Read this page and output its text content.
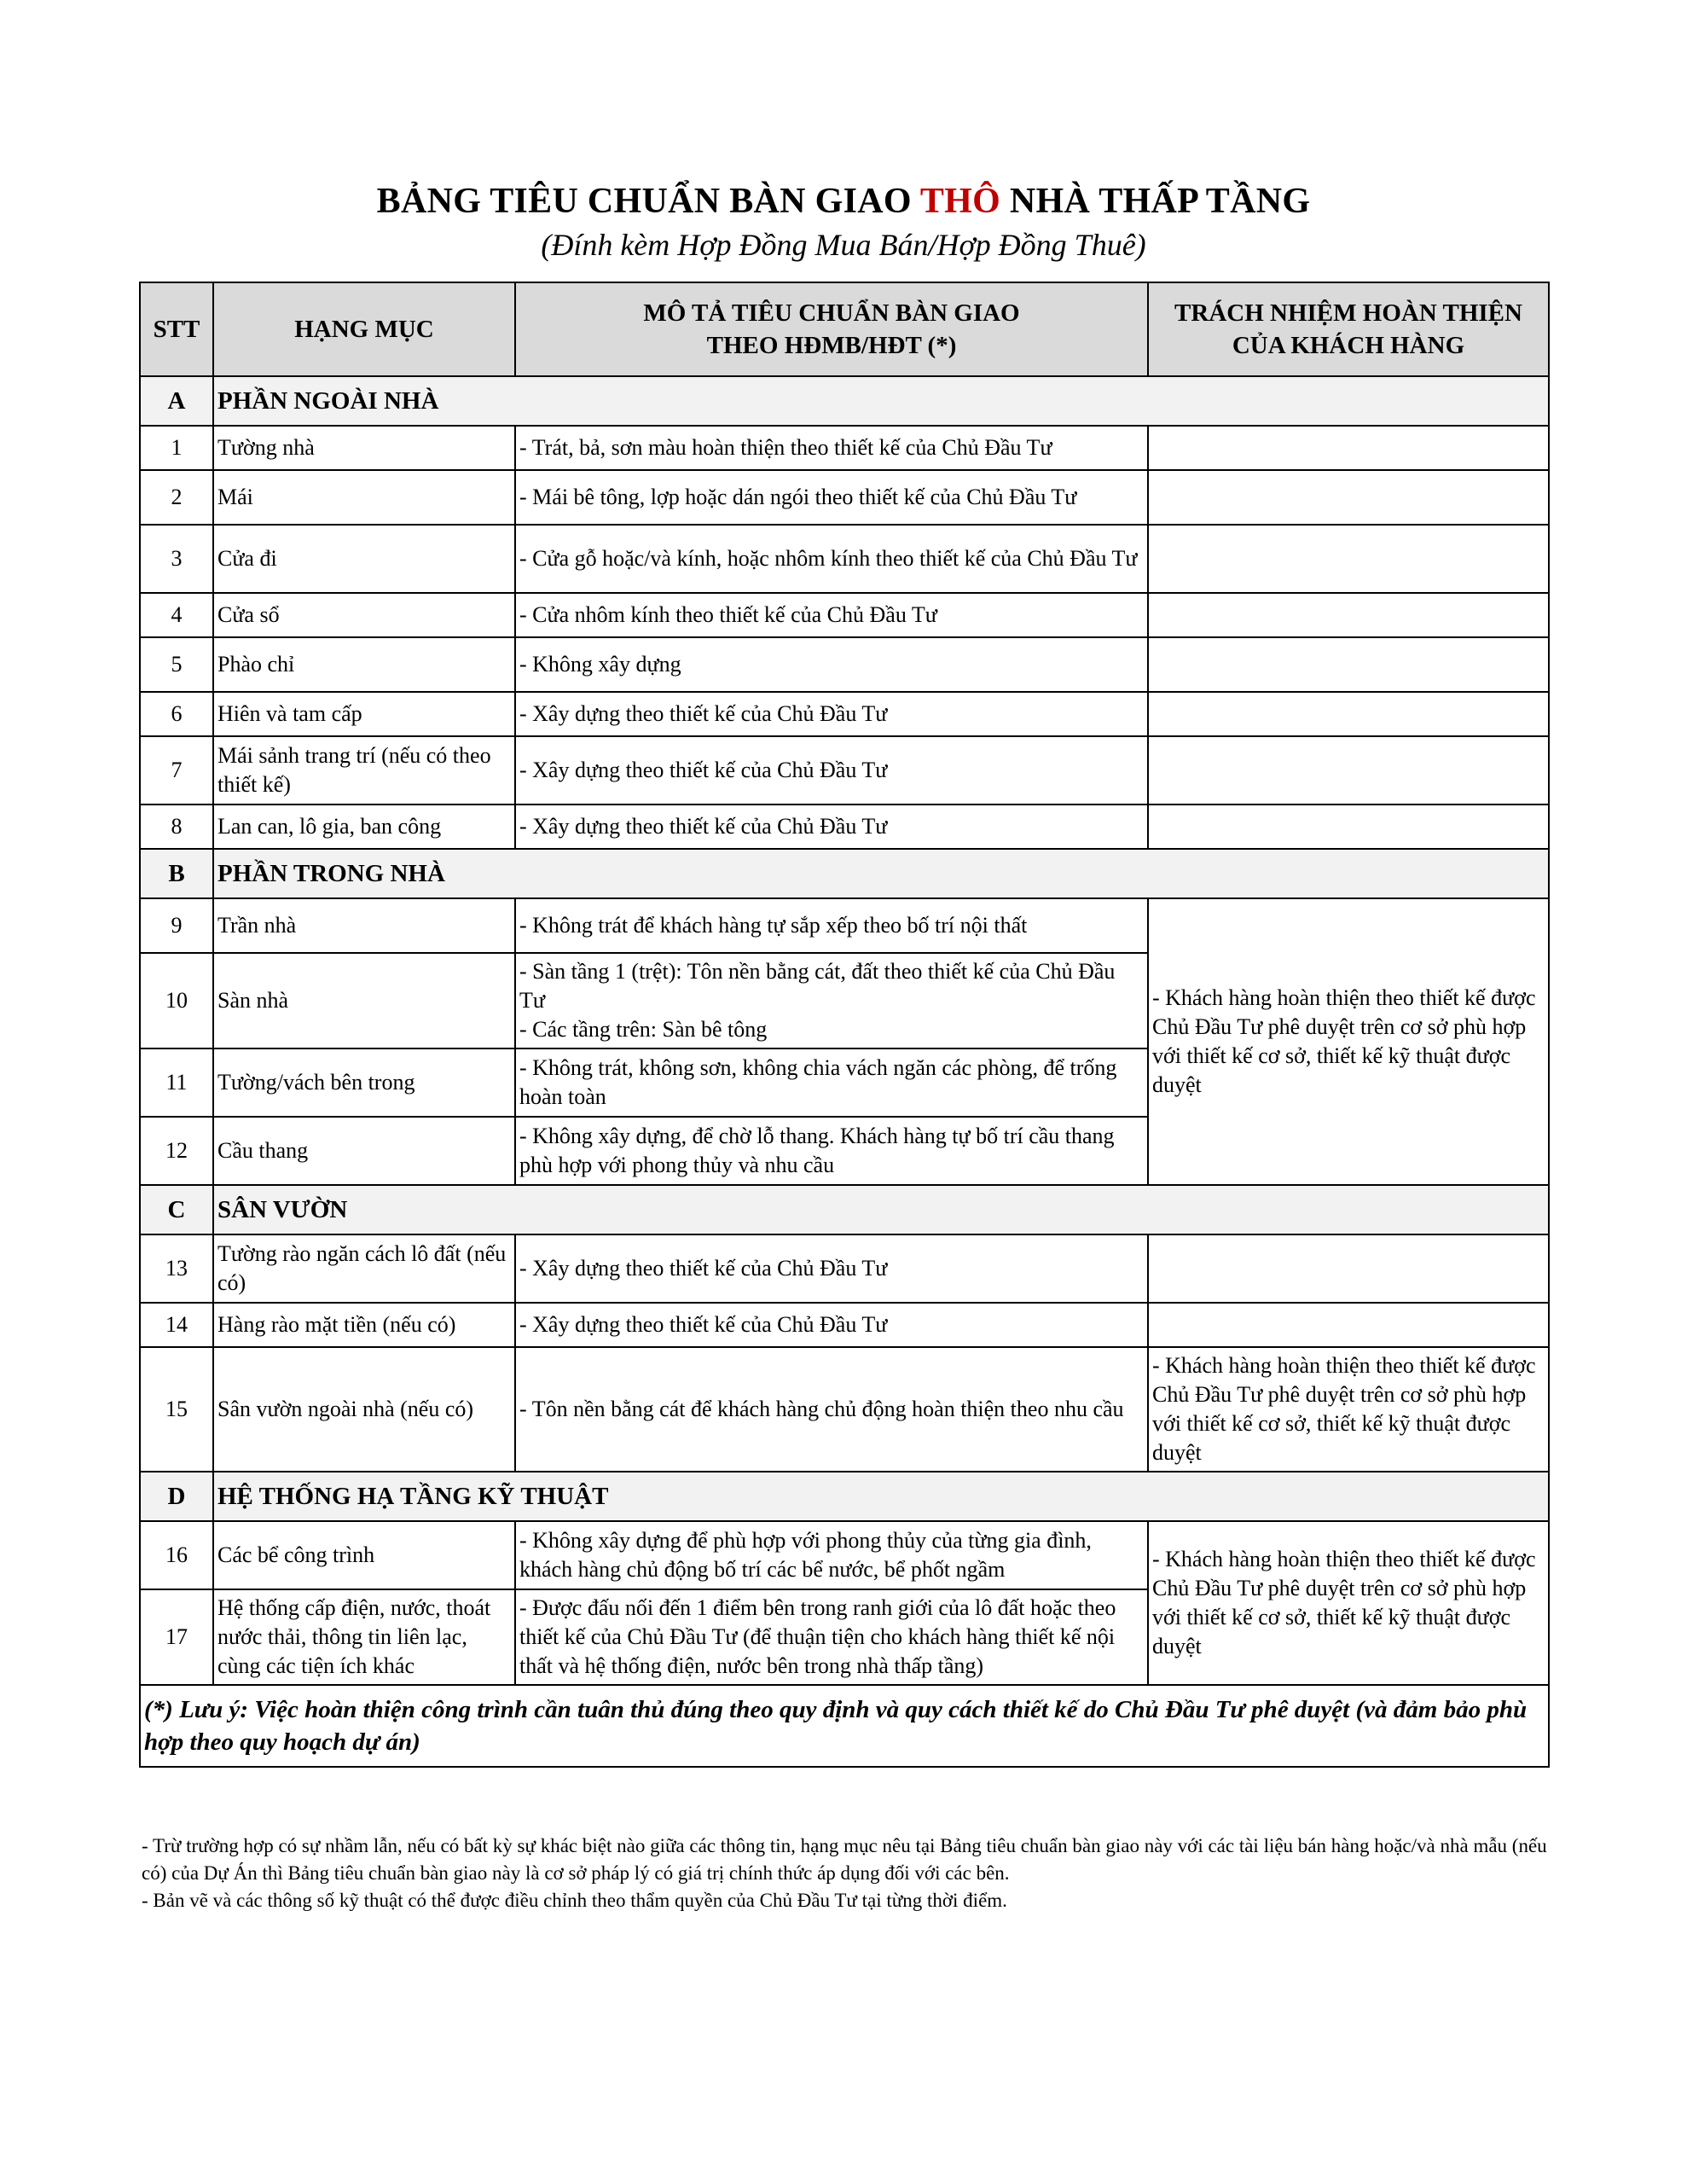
BẢNG TIÊU CHUẨN BÀN GIAO THÔ NHÀ THẤP TẦNG
(Đính kèm Hợp Đồng Mua Bán/Hợp Đồng Thuê)
STT	HẠNG MỤC	MÔ TẢ TIÊU CHUẨN BÀN GIAO
THEO HĐMB/HĐT (*)	TRÁCH NHIỆM HOÀN THIỆN
CỦA KHÁCH HÀNG
A	PHẦN NGOÀI NHÀ		
1	Tường nhà	- Trát, bả, sơn màu hoàn thiện theo thiết kế của Chủ Đầu Tư	
2	Mái	- Mái bê tông, lợp hoặc dán ngói theo thiết kế của Chủ Đầu Tư	
3	Cửa đi	- Cửa gỗ hoặc/và kính, hoặc nhôm kính theo thiết kế của Chủ Đầu Tư	
4	Cửa sổ	- Cửa nhôm kính theo thiết kế của Chủ Đầu Tư	
5	Phào chỉ	- Không xây dựng	
6	Hiên và tam cấp	- Xây dựng theo thiết kế của Chủ Đầu Tư	
7	Mái sảnh trang trí (nếu có theo thiết kế)	- Xây dựng theo thiết kế của Chủ Đầu Tư	
8	Lan can, lô gia, ban công	- Xây dựng theo thiết kế của Chủ Đầu Tư	
B	PHẦN TRONG NHÀ		
9	Trần nhà	- Không trát để khách hàng tự sắp xếp theo bố trí nội thất	- Khách hàng hoàn thiện theo thiết kế được Chủ Đầu Tư phê duyệt trên cơ sở phù hợp với thiết kế cơ sở, thiết kế kỹ thuật được duyệt
10	Sàn nhà	- Sàn tầng 1 (trệt): Tôn nền bằng cát, đất theo thiết kế của Chủ Đầu Tư
- Các tầng trên: Sàn bê tông	
11	Tường/vách bên trong	- Không trát, không sơn, không chia vách ngăn các phòng, để trống hoàn toàn	
12	Cầu thang	- Không xây dựng, để chờ lỗ thang. Khách hàng tự bố trí cầu thang phù hợp với phong thủy và nhu cầu	
C	SÂN VƯỜN		
13	Tường rào ngăn cách lô đất (nếu có)	- Xây dựng theo thiết kế của Chủ Đầu Tư	
14	Hàng rào mặt tiền (nếu có)	- Xây dựng theo thiết kế của Chủ Đầu Tư	
15	Sân vườn ngoài nhà (nếu có)	- Tôn nền bằng cát để khách hàng chủ động hoàn thiện theo nhu cầu	- Khách hàng hoàn thiện theo thiết kế được Chủ Đầu Tư phê duyệt trên cơ sở phù hợp với thiết kế cơ sở, thiết kế kỹ thuật được duyệt
D	HỆ THỐNG HẠ TẦNG KỸ THUẬT		
16	Các bể công trình	- Không xây dựng để phù hợp với phong thủy của từng gia đình, khách hàng chủ động bố trí các bể nước, bể phốt ngầm	- Khách hàng hoàn thiện theo thiết kế được Chủ Đầu Tư phê duyệt trên cơ sở phù hợp với thiết kế cơ sở, thiết kế kỹ thuật được duyệt
17	Hệ thống cấp điện, nước, thoát nước thải, thông tin liên lạc, cùng các tiện ích khác	- Được đấu nối đến 1 điểm bên trong ranh giới của lô đất hoặc theo thiết kế của Chủ Đầu Tư (để thuận tiện cho khách hàng thiết kế nội thất và hệ thống điện, nước bên trong nhà thấp tầng)	
(*) Lưu ý: Việc hoàn thiện công trình cần tuân thủ đúng theo quy định và quy cách thiết kế do Chủ Đầu Tư phê duyệt (và đảm bảo phù hợp theo quy hoạch dự án)			
- Trừ trường hợp có sự nhầm lẫn, nếu có bất kỳ sự khác biệt nào giữa các thông tin, hạng mục nêu tại Bảng tiêu chuẩn bàn giao này với các tài liệu bán hàng hoặc/và nhà mẫu (nếu có) của Dự Án thì Bảng tiêu chuẩn bàn giao này là cơ sở pháp lý có giá trị chính thức áp dụng đối với các bên.
- Bản vẽ và các thông số kỹ thuật có thể được điều chỉnh theo thẩm quyền của Chủ Đầu Tư tại từng thời điểm.
